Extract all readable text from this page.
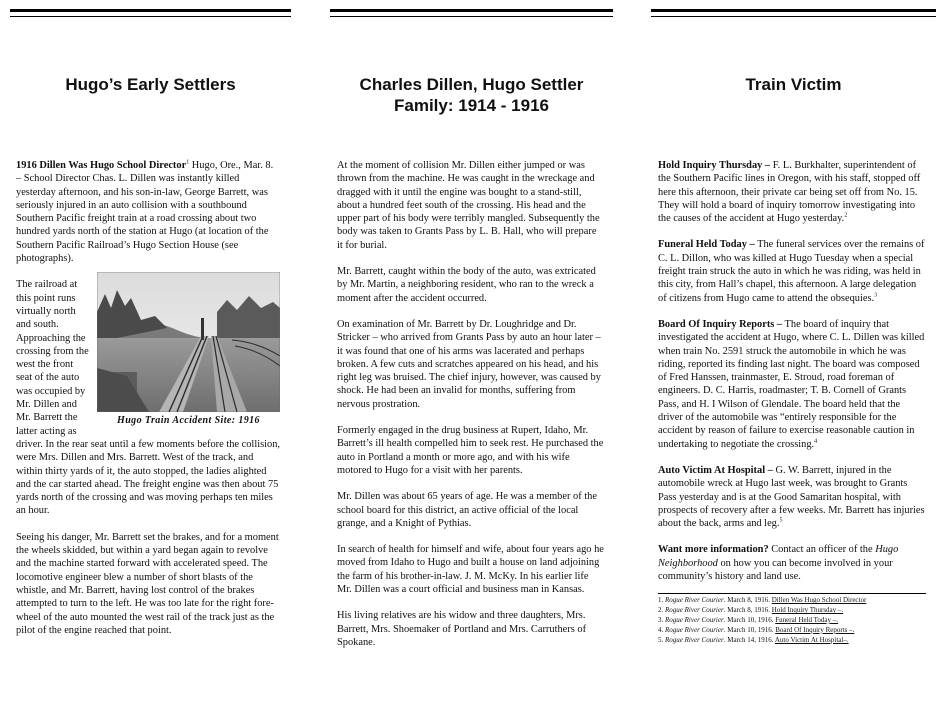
Hugo’s Early Settlers	Charles Dillen, Hugo Settler
Family: 1914 - 1916
Train Victim

1916 Dillen Was Hugo School Director$^1$ Hugo, Ore., Mar. 8. – School Director Chas. L. Dillen was instantly killed yesterday afternoon, and his son-in-law, George Barrett, was seriously injured in an auto collision with a southbound Southern Pacific freight train at a road crossing about two hundred yards north of the station at Hugo (at location of the Southern Pacific Railroad’s Hugo Section House (see photographs).

Hugo Train Accident Site: 1916
The railroad at this point runs virtually north and south. Approaching the crossing from the west the front seat of the auto was occupied by Mr. Dillen and Mr. Barrett the latter acting as driver. In the rear seat until a few moments before the collision, were Mrs. Dillen and Mrs. Barrett. West of the track, and within thirty yards of it, the auto stopped, the ladies alighted and the car started ahead. The freight engine was then about 75 yards north of the crossing and was moving perhaps ten miles an hour.

Seeing his danger, Mr. Barrett set the brakes, and for a moment the wheels skidded, but within a yard began again to revolve and the machine started forward with accelerated speed. The locomotive engineer blew a number of short blasts of the whistle, and Mr. Barrett, having lost control of the brakes attempted to turn to the left. He was too late for the right fore-wheel of the auto mounted the west rail of the track just as the pilot of the engine reached that point.

At the moment of collision Mr. Dillen either jumped or was thrown from the machine. He was caught in the wreckage and dragged with it until the engine was bought to a stand-still, about a hundred feet south of the crossing. His head and the upper part of his body were terribly mangled. Subsequently the body was taken to Grants Pass by L. B. Hall, who will prepare it for burial.

Mr. Barrett, caught within the body of the auto, was extricated by Mr. Martin, a neighboring resident, who ran to the wreck a moment after the accident occurred.

On examination of Mr. Barrett by Dr. Loughridge and Dr. Stricker – who arrived from Grants Pass by auto an hour later – it was found that one of his arms was lacerated and perhaps broken. A few cuts and scratches appeared on his head, and his right leg was bruised. The chief injury, however, was caused by shock. He had been an invalid for months, suffering from nervous prostration.

Formerly engaged in the drug business at Rupert, Idaho, Mr. Barrett’s ill health compelled him to seek rest. He purchased the auto in Portland a month or more ago, and with his wife motored to Hugo for a visit with her parents.

Mr. Dillen was about 65 years of age. He was a member of the school board for this district, an active official of the local grange, and a Knight of Pythias.

In search of health for himself and wife, about four years ago he moved from Idaho to Hugo and built a house on land adjoining the farm of his brother-in-law. J. M. McKy. In his earlier life Mr. Dillen was a court official and business man in Kansas.

His living relatives are his widow and three daughters, Mrs. Barrett, Mrs. Shoemaker of Portland and Mrs. Carruthers of Spokane.

Hold Inquiry Thursday – F. L. Burkhalter, superintendent of the Southern Pacific lines in Oregon, with his staff, stopped off here this afternoon, their private car being set off from No. 15. They will hold a board of inquiry tomorrow investigating into the causes of the accident at Hugo yesterday.$^2$

Funeral Held Today – The funeral services over the remains of C. L. Dillon, who was killed at Hugo Tuesday when a special freight train struck the auto in which he was riding, was held in this city, from Hall’s chapel, this afternoon. A large delegation of citizens from Hugo came to attend the obsequies.$^3$

Board Of Inquiry Reports – The board of inquiry that investigated the accident at Hugo, where C. L. Dillen was killed when train No. 2591 struck the automobile in which he was riding, reported its finding last night. The board was composed of Fred Hanssen, trainmaster, E. Stroud, road foreman of engineers. D. C. Harris, roadmaster; T. B. Cornell of Grants Pass, and H. I Wilson of Glendale. The board held that the driver of the automobile was “entirely responsible for the accident by reason of failure to exercise reasonable caution in undertaking to negotiate the crossing.$^4$

Auto Victim At Hospital – G. W. Barrett, injured in the automobile wreck at Hugo last week, was brought to Grants Pass yesterday and is at the Good Samaritan hospital, with prospects of recovery after a few weeks. Mr. Barrett has injuries about the back, arms and leg.$^5$

Want more information? Contact an officer of the Hugo Neighborhood on how you can become involved in your community’s history and land use.

1. Rogue River Courier. March 8, 1916. Dillen Was Hugo School Director
2. Rogue River Courier. March 8, 1916. Hold Inquiry Thursday –.
3. Rogue River Courier. March 10, 1916. Funeral Held Today –.
4. Rogue River Courier. March 10, 1916. Board Of Inquiry Reports –.
5. Rogue River Courier. March 14, 1916. Auto Victim At Hospital–.
